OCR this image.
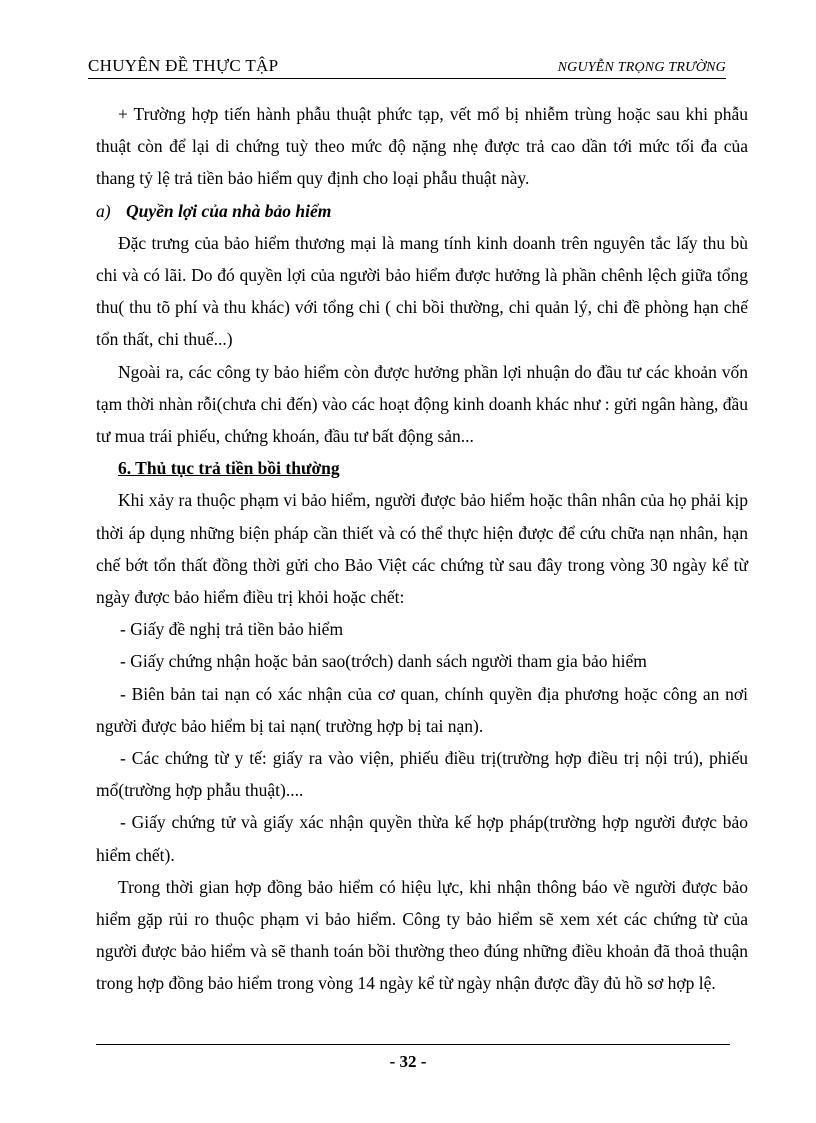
CHUYÊN ĐỀ THỰC TẬP	NGUYỄN TRỌNG TRƯỜNG

+ Trường hợp tiến hành phẫu thuật phức tạp, vết mổ bị nhiễm trùng hoặc sau khi phẫu thuật còn để lại di chứng tuỳ theo mức độ nặng nhẹ được trả cao dần tới mức tối đa của thang tỷ lệ trả tiền bảo hiểm quy định cho loại phẫu thuật này.

a) Quyền lợi của nhà bảo hiểm

Đặc trưng của bảo hiểm thương mại là mang tính kinh doanh trên nguyên tắc lấy thu bù chi và có lãi. Do đó quyền lợi của người bảo hiểm được hưởng là phần chênh lệch giữa tổng thu( thu tõ phí và thu khác) với tổng chi ( chi bồi thường, chi quản lý, chi đề phòng hạn chế tổn thất, chi thuế...)

Ngoài ra, các công ty bảo hiểm còn được hưởng phần lợi nhuận do đầu tư các khoản vốn tạm thời nhàn rỗi(chưa chi đến) vào các hoạt động kinh doanh khác như : gửi ngân hàng, đầu tư mua trái phiếu, chứng khoán, đầu tư bất động sản...

6. Thủ tục trả tiền bồi thường

Khi xảy ra thuộc phạm vi bảo hiểm, người được bảo hiểm hoặc thân nhân của họ phải kịp thời áp dụng những biện pháp cần thiết và có thể thực hiện được để cứu chữa nạn nhân, hạn chế bớt tổn thất đồng thời gửi cho Bảo Việt các chứng từ sau đây trong vòng 30 ngày kể từ ngày được bảo hiểm điều trị khỏi hoặc chết:

- Giấy đề nghị trả tiền bảo hiểm
- Giấy chứng nhận hoặc bản sao(trớch) danh sách người tham gia bảo hiểm
- Biên bản tai nạn có xác nhận của cơ quan, chính quyền địa phương hoặc công an nơi người được bảo hiểm bị tai nạn( trường hợp bị tai nạn).
- Các chứng từ y tế: giấy ra vào viện, phiếu điều trị(trường hợp điều trị nội trú), phiếu mổ(trường hợp phẫu thuật)....
- Giấy chứng tử và giấy xác nhận quyền thừa kế hợp pháp(trường hợp người được bảo hiểm chết).

Trong thời gian hợp đồng bảo hiểm có hiệu lực, khi nhận thông báo về người được bảo hiểm gặp rủi ro thuộc phạm vi bảo hiểm. Công ty bảo hiểm sẽ xem xét các chứng từ của người được bảo hiểm và sẽ thanh toán bồi thường theo đúng những điều khoản đã thoả thuận trong hợp đồng bảo hiểm trong vòng 14 ngày kể từ ngày nhận được đầy đủ hồ sơ hợp lệ.

- 32 -
